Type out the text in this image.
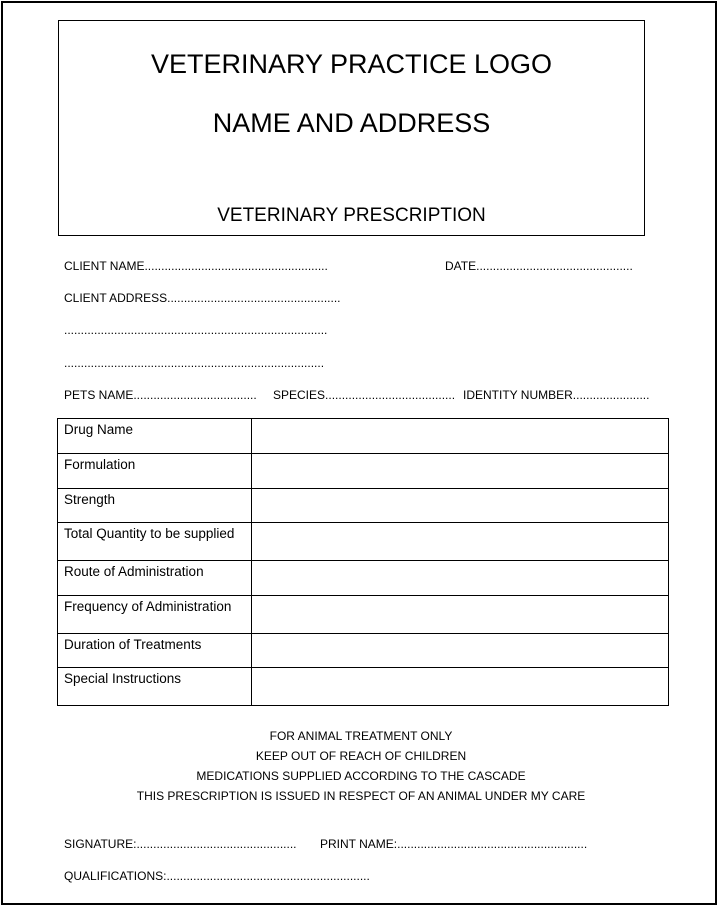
VETERINARY PRACTICE LOGO
NAME AND ADDRESS
VETERINARY PRESCRIPTION
CLIENT NAME.......................................................	DATE...............................................
CLIENT ADDRESS....................................................
...............................................................................
..............................................................................
PETS NAME..................................... SPECIES....................................... IDENTITY NUMBER.......................
Drug Name	
Formulation	
Strength	
Total Quantity to be supplied	
Route of Administration	
Frequency of Administration	
Duration of Treatments	
Special Instructions	
FOR ANIMAL TREATMENT ONLY
KEEP OUT OF REACH OF CHILDREN
MEDICATIONS SUPPLIED ACCORDING TO THE CASCADE
THIS PRESCRIPTION IS ISSUED IN RESPECT OF AN ANIMAL UNDER MY CARE
SIGNATURE:................................................ PRINT NAME:.........................................................
QUALIFICATIONS:.............................................................
